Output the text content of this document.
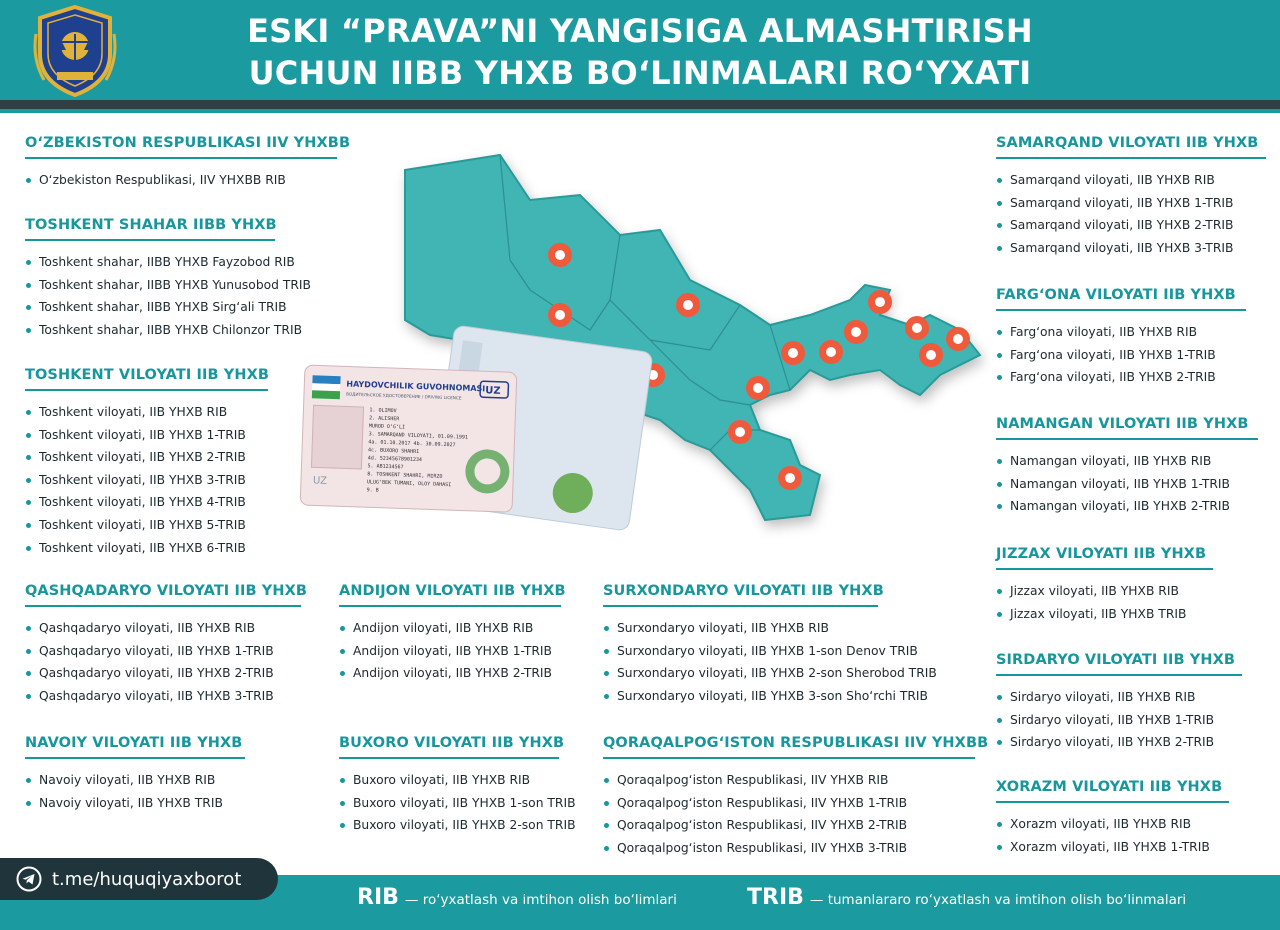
ESKI “PRAVA”NI YANGISIGA ALMASHTIRISH
UCHUN IIBB YHXB BO‘LINMALARI RO‘YXATI
HAYDOVCHILIK GUVOHNOMASI
ВОДИТЕЛЬСКОЕ УДОСТОВЕРЕНИЕ / DRIVING LICENCE UZ
UZ
1. OLIMOV
2. ALISHER
MUROD O‘G‘LI
3. SAMARQAND VILOYATI, 01.09.1991
4a. 01.10.2017 4b. 30.09.2027
4c. BUXORO SHAHRI
4d. 52345678901234
5. AB1234567
8. TOSHKENT SHAHRI, MIRZO
ULUG‘BEK TUMANI, OLOY DAHASI
9. B
O‘ZBEKISTON RESPUBLIKASI IIV YHXBB
O‘zbekiston Respublikasi, IIV YHXBB RIB
TOSHKENT SHAHAR IIBB YHXB
Toshkent shahar, IIBB YHXB Fayzobod RIB
Toshkent shahar, IIBB YHXB Yunusobod TRIB
Toshkent shahar, IIBB YHXB Sirg‘ali TRIB
Toshkent shahar, IIBB YHXB Chilonzor TRIB
TOSHKENT VILOYATI IIB YHXB
Toshkent viloyati, IIB YHXB RIB
Toshkent viloyati, IIB YHXB 1-TRIB
Toshkent viloyati, IIB YHXB 2-TRIB
Toshkent viloyati, IIB YHXB 3-TRIB
Toshkent viloyati, IIB YHXB 4-TRIB
Toshkent viloyati, IIB YHXB 5-TRIB
Toshkent viloyati, IIB YHXB 6-TRIB
QASHQADARYO VILOYATI IIB YHXB
Qashqadaryo viloyati, IIB YHXB RIB
Qashqadaryo viloyati, IIB YHXB 1-TRIB
Qashqadaryo viloyati, IIB YHXB 2-TRIB
Qashqadaryo viloyati, IIB YHXB 3-TRIB
NAVOIY VILOYATI IIB YHXB
Navoiy viloyati, IIB YHXB RIB
Navoiy viloyati, IIB YHXB TRIB
ANDIJON VILOYATI IIB YHXB
Andijon viloyati, IIB YHXB RIB
Andijon viloyati, IIB YHXB 1-TRIB
Andijon viloyati, IIB YHXB 2-TRIB
BUXORO VILOYATI IIB YHXB
Buxoro viloyati, IIB YHXB RIB
Buxoro viloyati, IIB YHXB 1-son TRIB
Buxoro viloyati, IIB YHXB 2-son TRIB
SURXONDARYO VILOYATI IIB YHXB
Surxondaryo viloyati, IIB YHXB RIB
Surxondaryo viloyati, IIB YHXB 1-son Denov TRIB
Surxondaryo viloyati, IIB YHXB 2-son Sherobod TRIB
Surxondaryo viloyati, IIB YHXB 3-son Sho‘rchi TRIB
QORAQALPOG‘ISTON RESPUBLIKASI IIV YHXBB
Qoraqalpog‘iston Respublikasi, IIV YHXB RIB
Qoraqalpog‘iston Respublikasi, IIV YHXB 1-TRIB
Qoraqalpog‘iston Respublikasi, IIV YHXB 2-TRIB
Qoraqalpog‘iston Respublikasi, IIV YHXB 3-TRIB
SAMARQAND VILOYATI IIB YHXB
Samarqand viloyati, IIB YHXB RIB
Samarqand viloyati, IIB YHXB 1-TRIB
Samarqand viloyati, IIB YHXB 2-TRIB
Samarqand viloyati, IIB YHXB 3-TRIB
FARG‘ONA VILOYATI IIB YHXB
Farg‘ona viloyati, IIB YHXB RIB
Farg‘ona viloyati, IIB YHXB 1-TRIB
Farg‘ona viloyati, IIB YHXB 2-TRIB
NAMANGAN VILOYATI IIB YHXB
Namangan viloyati, IIB YHXB RIB
Namangan viloyati, IIB YHXB 1-TRIB
Namangan viloyati, IIB YHXB 2-TRIB
JIZZAX VILOYATI IIB YHXB
Jizzax viloyati, IIB YHXB RIB
Jizzax viloyati, IIB YHXB TRIB
SIRDARYO VILOYATI IIB YHXB
Sirdaryo viloyati, IIB YHXB RIB
Sirdaryo viloyati, IIB YHXB 1-TRIB
Sirdaryo viloyati, IIB YHXB 2-TRIB
XORAZM VILOYATI IIB YHXB
Xorazm viloyati, IIB YHXB RIB
Xorazm viloyati, IIB YHXB 1-TRIB
t.me/huquqiyaxborot
RIB — ro‘yxatlash va imtihon olish bo‘limlari	TRIB — tumanlararo ro‘yxatlash va imtihon olish bo‘linmalari
